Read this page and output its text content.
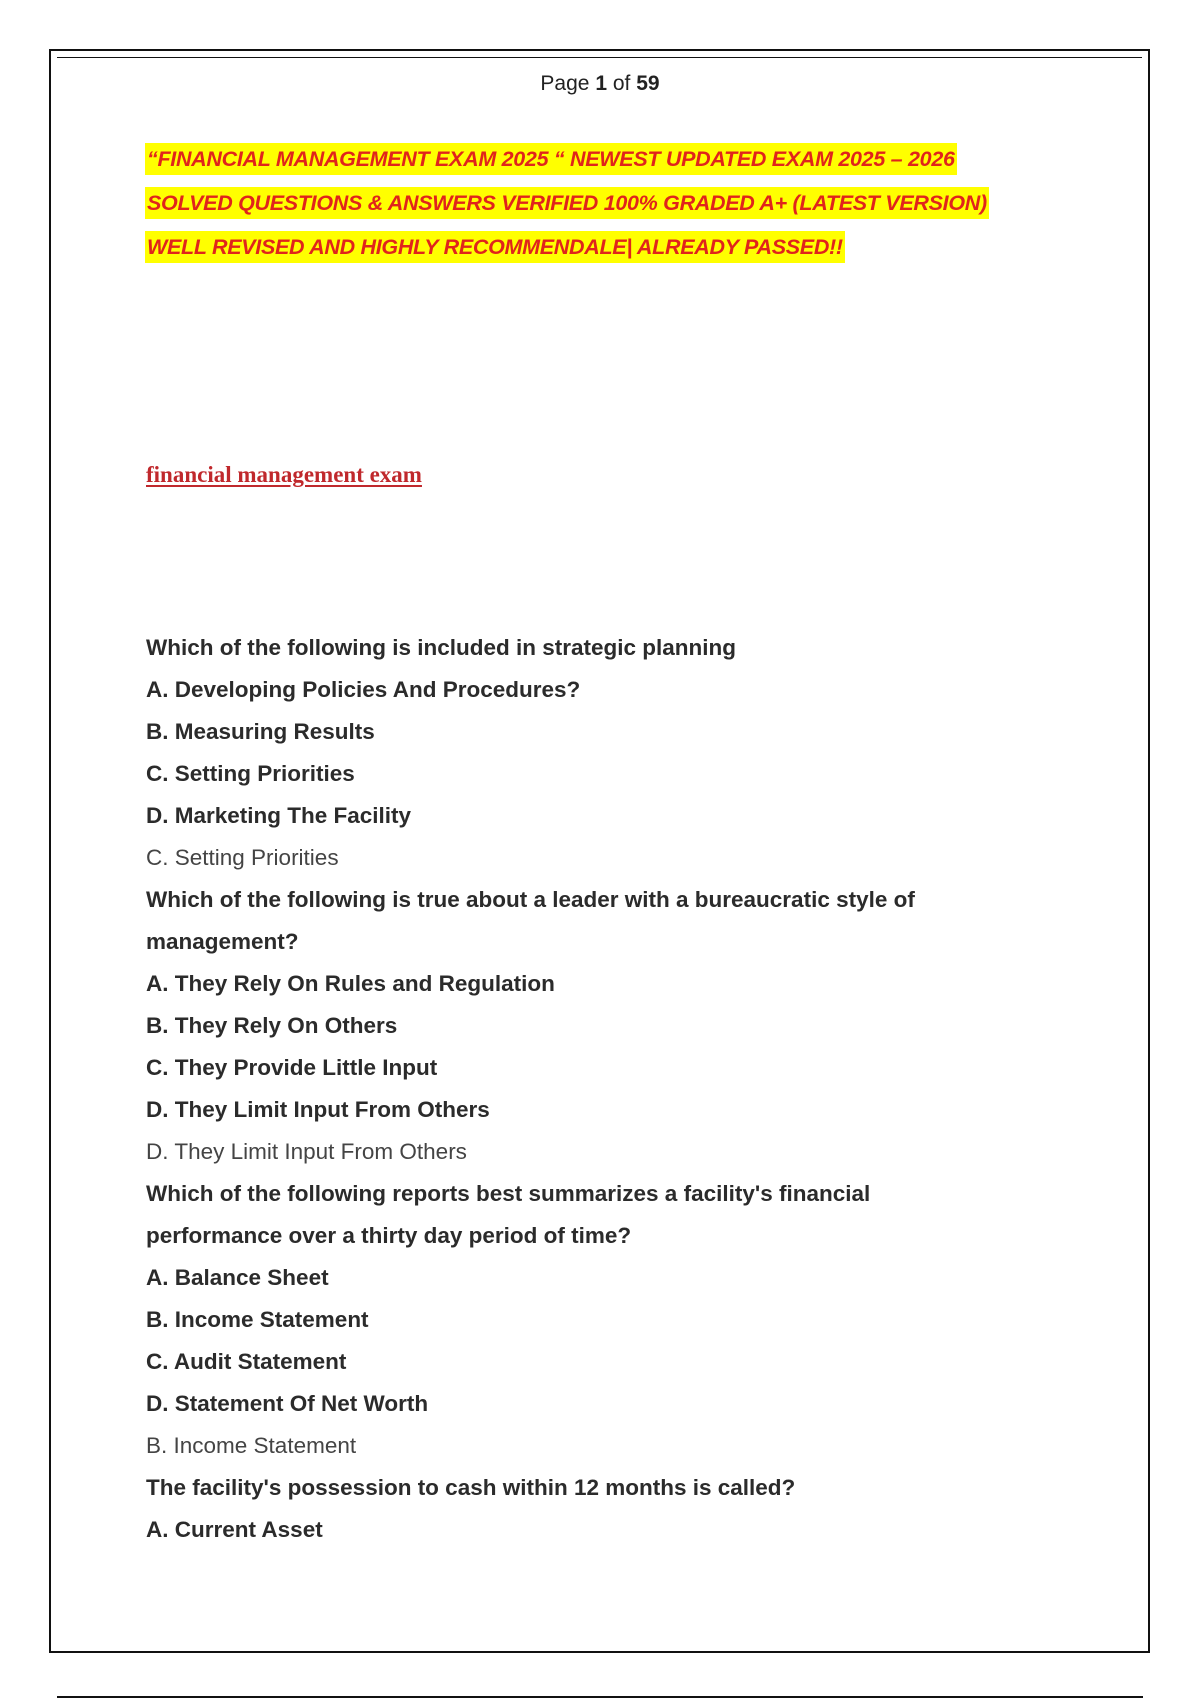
Page 1 of 59
“FINANCIAL MANAGEMENT EXAM 2025 “ NEWEST UPDATED EXAM 2025 – 2026
SOLVED QUESTIONS & ANSWERS VERIFIED 100% GRADED A+ (LATEST VERSION)
WELL REVISED AND HIGHLY RECOMMENDALE| ALREADY PASSED!!
financial management exam
Which of the following is included in strategic planning
A. Developing Policies And Procedures?
B. Measuring Results
C. Setting Priorities
D. Marketing The Facility
C. Setting Priorities
Which of the following is true about a leader with a bureaucratic style of
management?
A. They Rely On Rules and Regulation
B. They Rely On Others
C. They Provide Little Input
D. They Limit Input From Others
D. They Limit Input From Others
Which of the following reports best summarizes a facility's financial
performance over a thirty day period of time?
A. Balance Sheet
B. Income Statement
C. Audit Statement
D. Statement Of Net Worth
B. Income Statement
The facility's possession to cash within 12 months is called?
A. Current Asset
